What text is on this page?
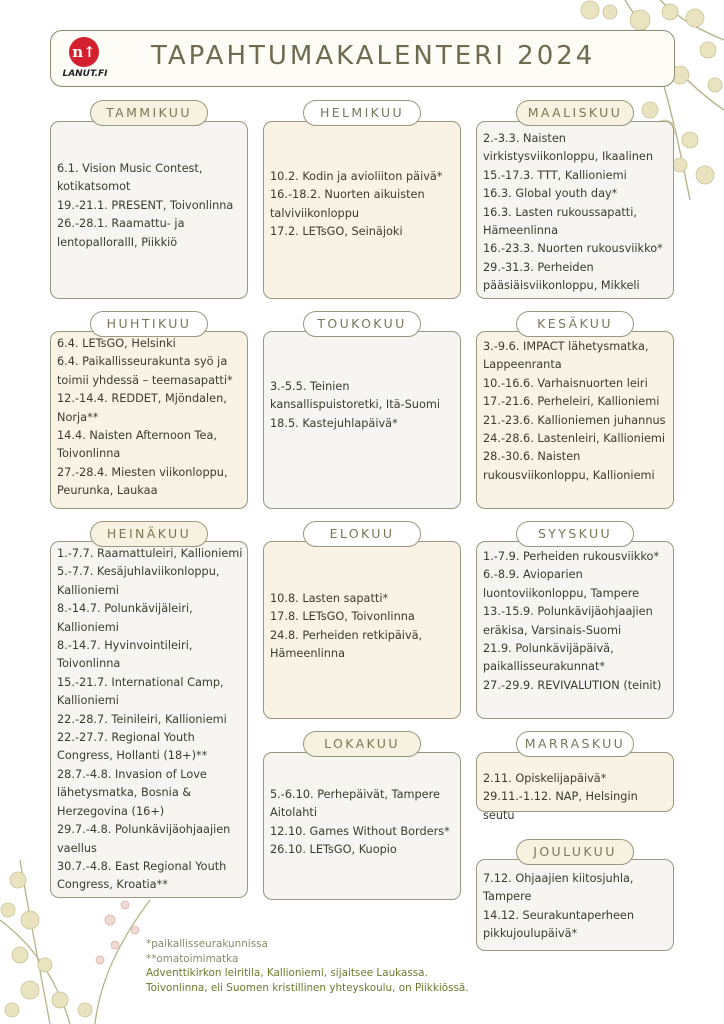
n↑
LANUT.FI
TAPAHTUMAKALENTERI 2024

6.1. Vision Music Contest, kotikatsomot

19.-21.1. PRESENT, Toivonlinna

26.-28.1. Raamattu- ja lentopallorallI, Piikkiö

TAMMIKUU

6.4. LETsGO, Helsinki

6.4. Paikallisseurakunta syö ja toimii yhdessä – teemasapatti*

12.-14.4. REDDET, Mjöndalen, Norja**

14.4. Naisten Afternoon Tea, Toivonlinna

27.-28.4. Miesten viikonloppu, Peurunka, Laukaa

HUHTIKUU

1.-7.7. Raamattuleiri, Kallioniemi

5.-7.7. Kesäjuhlaviikonloppu, Kallioniemi

8.-14.7. Polunkävijäleiri, Kallioniemi

8.-14.7. Hyvinvointileiri, Toivonlinna

15.-21.7. International Camp, Kallioniemi

22.-28.7. Teinileiri, Kallioniemi

22.-27.7. Regional Youth Congress, Hollanti (18+)**

28.7.-4.8. Invasion of Love lähetysmatka, Bosnia & Herzegovina (16+)

29.7.-4.8. Polunkävijäohjaajien vaellus

30.7.-4.8. East Regional Youth Congress, Kroatia**

HEINÄKUU

10.2. Kodin ja avioliiton päivä*

16.-18.2. Nuorten aikuisten talviviikonloppu

17.2. LETsGO, Seinäjoki

HELMIKUU

3.-5.5. Teinien kansallispuistoretki, Itä-Suomi

18.5. Kastejuhlapäivä*

TOUKOKUU

10.8. Lasten sapatti*

17.8. LETsGO, Toivonlinna

24.8. Perheiden retkipäivä, Hämeenlinna

ELOKUU

5.-6.10. Perhepäivät, Tampere Aitolahti

12.10. Games Without Borders*

26.10. LETsGO, Kuopio

LOKAKUU

2.-3.3. Naisten virkistysviikonloppu, Ikaalinen

15.-17.3. TTT, Kallioniemi

16.3. Global youth day*

16.3. Lasten rukoussapatti, Hämeenlinna

16.-23.3. Nuorten rukousviikko*

29.-31.3. Perheiden pääsiäisviikonloppu, Mikkeli

MAALISKUU

3.-9.6. IMPACT lähetysmatka, Lappeenranta

10.-16.6. Varhaisnuorten leiri

17.-21.6. Perheleiri, Kallioniemi

21.-23.6. Kallioniemen juhannus

24.-28.6. Lastenleiri, Kallioniemi

28.-30.6. Naisten rukousviikonloppu, Kallioniemi

KESÄKUU

1.-7.9. Perheiden rukousviikko*

6.-8.9. Avioparien luontoviikonloppu, Tampere

13.-15.9. Polunkävijäohjaajien eräkisa, Varsinais-Suomi

21.9. Polunkävijäpäivä, paikallisseurakunnat*

27.-29.9. REVIVALUTION (teinit)

SYYSKUU

2.11. Opiskelijapäivä*

29.11.-1.12. NAP, Helsingin seutu

MARRASKUU

7.12. Ohjaajien kiitosjuhla, Tampere

14.12. Seurakuntaperheen pikkujoulupäivä*

JOULUKUU
*paikallisseurakunnissa
**omatoimimatka
Adventtikirkon leiritila, Kallioniemi, sijaitsee Laukassa.
Toivonlinna, eli Suomen kristillinen yhteyskoulu, on Piikkiössä.
